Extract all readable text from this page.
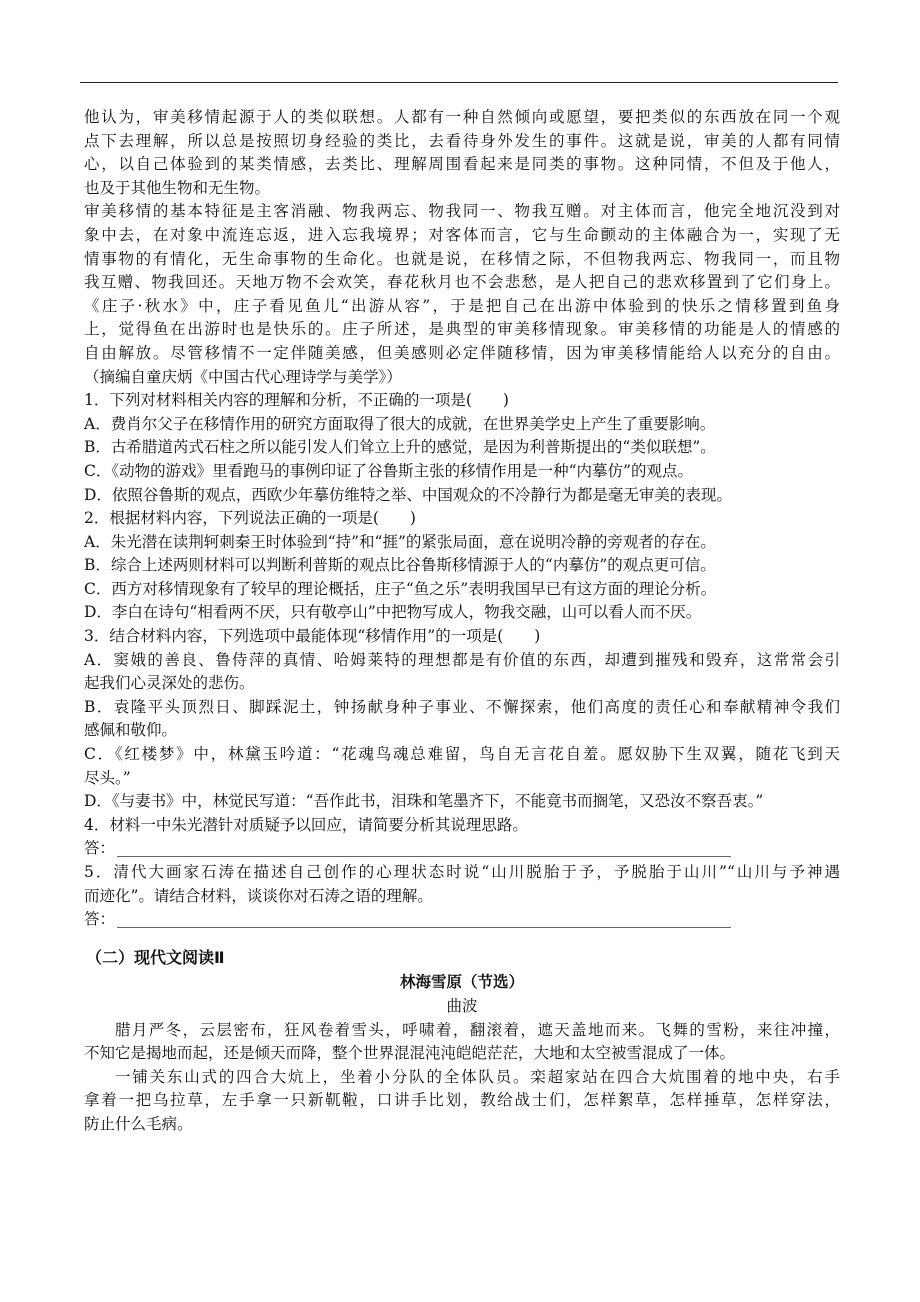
他认为，审美移情起源于人的类似联想。人都有一种自然倾向或愿望，要把类似的东西放在同一个观

点下去理解，所以总是按照切身经验的类比，去看待身外发生的事件。这就是说，审美的人都有同情

心，以自己体验到的某类情感，去类比、理解周围看起来是同类的事物。这种同情，不但及于他人，

也及于其他生物和无生物。

审美移情的基本特征是主客消融、物我两忘、物我同一、物我互赠。对主体而言，他完全地沉没到对

象中去，在对象中流连忘返，进入忘我境界；对客体而言，它与生命颤动的主体融合为一，实现了无

情事物的有情化，无生命事物的生命化。也就是说，在移情之际，不但物我两忘、物我同一，而且物

我互赠、物我回还。天地万物不会欢笑，春花秋月也不会悲愁，是人把自己的悲欢移置到了它们身上。

《庄子·秋水》中，庄子看见鱼儿“出游从容”，于是把自己在出游中体验到的快乐之情移置到鱼身

上，觉得鱼在出游时也是快乐的。庄子所述，是典型的审美移情现象。审美移情的功能是人的情感的

自由解放。尽管移情不一定伴随美感，但美感则必定伴随移情，因为审美移情能给人以充分的自由。

（摘编自童庆炳《中国古代心理诗学与美学》）

1．下列对材料相关内容的理解和分析，不正确的一项是(　　)

A．费肖尔父子在移情作用的研究方面取得了很大的成就，在世界美学史上产生了重要影响。

B．古希腊道芮式石柱之所以能引发人们耸立上升的感觉，是因为利普斯提出的“类似联想”。

C．《动物的游戏》里看跑马的事例印证了谷鲁斯主张的移情作用是一种“内摹仿”的观点。

D．依照谷鲁斯的观点，西欧少年摹仿维特之举、中国观众的不冷静行为都是毫无审美的表现。

2．根据材料内容，下列说法正确的一项是(　　)

A．朱光潜在读荆轲刺秦王时体验到“持”和“捱”的紧张局面，意在说明冷静的旁观者的存在。

B．综合上述两则材料可以判断利普斯的观点比谷鲁斯移情源于人的“内摹仿”的观点更可信。

C．西方对移情现象有了较早的理论概括，庄子“鱼之乐”表明我国早已有这方面的理论分析。

D．李白在诗句“相看两不厌，只有敬亭山”中把物写成人，物我交融，山可以看人而不厌。

3．结合材料内容，下列选项中最能体现“移情作用”的一项是(　　)

A．窦娥的善良、鲁侍萍的真情、哈姆莱特的理想都是有价值的东西，却遭到摧残和毁弃，这常常会引

起我们心灵深处的悲伤。

B．袁隆平头顶烈日、脚踩泥土，钟扬献身种子事业、不懈探索，他们高度的责任心和奉献精神令我们

感佩和敬仰。

C．《红楼梦》中，林黛玉吟道：“花魂鸟魂总难留，鸟自无言花自羞。愿奴胁下生双翼，随花飞到天

尽头。”

D．《与妻书》中，林觉民写道：“吾作此书，泪珠和笔墨齐下，不能竟书而搁笔，又恐汝不察吾衷。”

4．材料一中朱光潜针对质疑予以回应，请简要分析其说理思路。

答：

5．清代大画家石涛在描述自己创作的心理状态时说“山川脱胎于予，予脱胎于山川”“山川与予神遇

而迹化”。请结合材料，谈谈你对石涛之语的理解。

答：

（二）现代文阅读Ⅱ

林海雪原（节选）

曲波

腊月严冬，云层密布，狂风卷着雪头，呼啸着，翻滚着，遮天盖地而来。飞舞的雪粉，来往冲撞，

不知它是揭地而起，还是倾天而降，整个世界混混沌沌皑皑茫茫，大地和太空被雪混成了一体。

一铺关东山式的四合大炕上，坐着小分队的全体队员。栾超家站在四合大炕围着的地中央，右手

拿着一把乌拉草，左手拿一只新靰鞡，口讲手比划，教给战士们，怎样絮草，怎样捶草，怎样穿法，

防止什么毛病。
